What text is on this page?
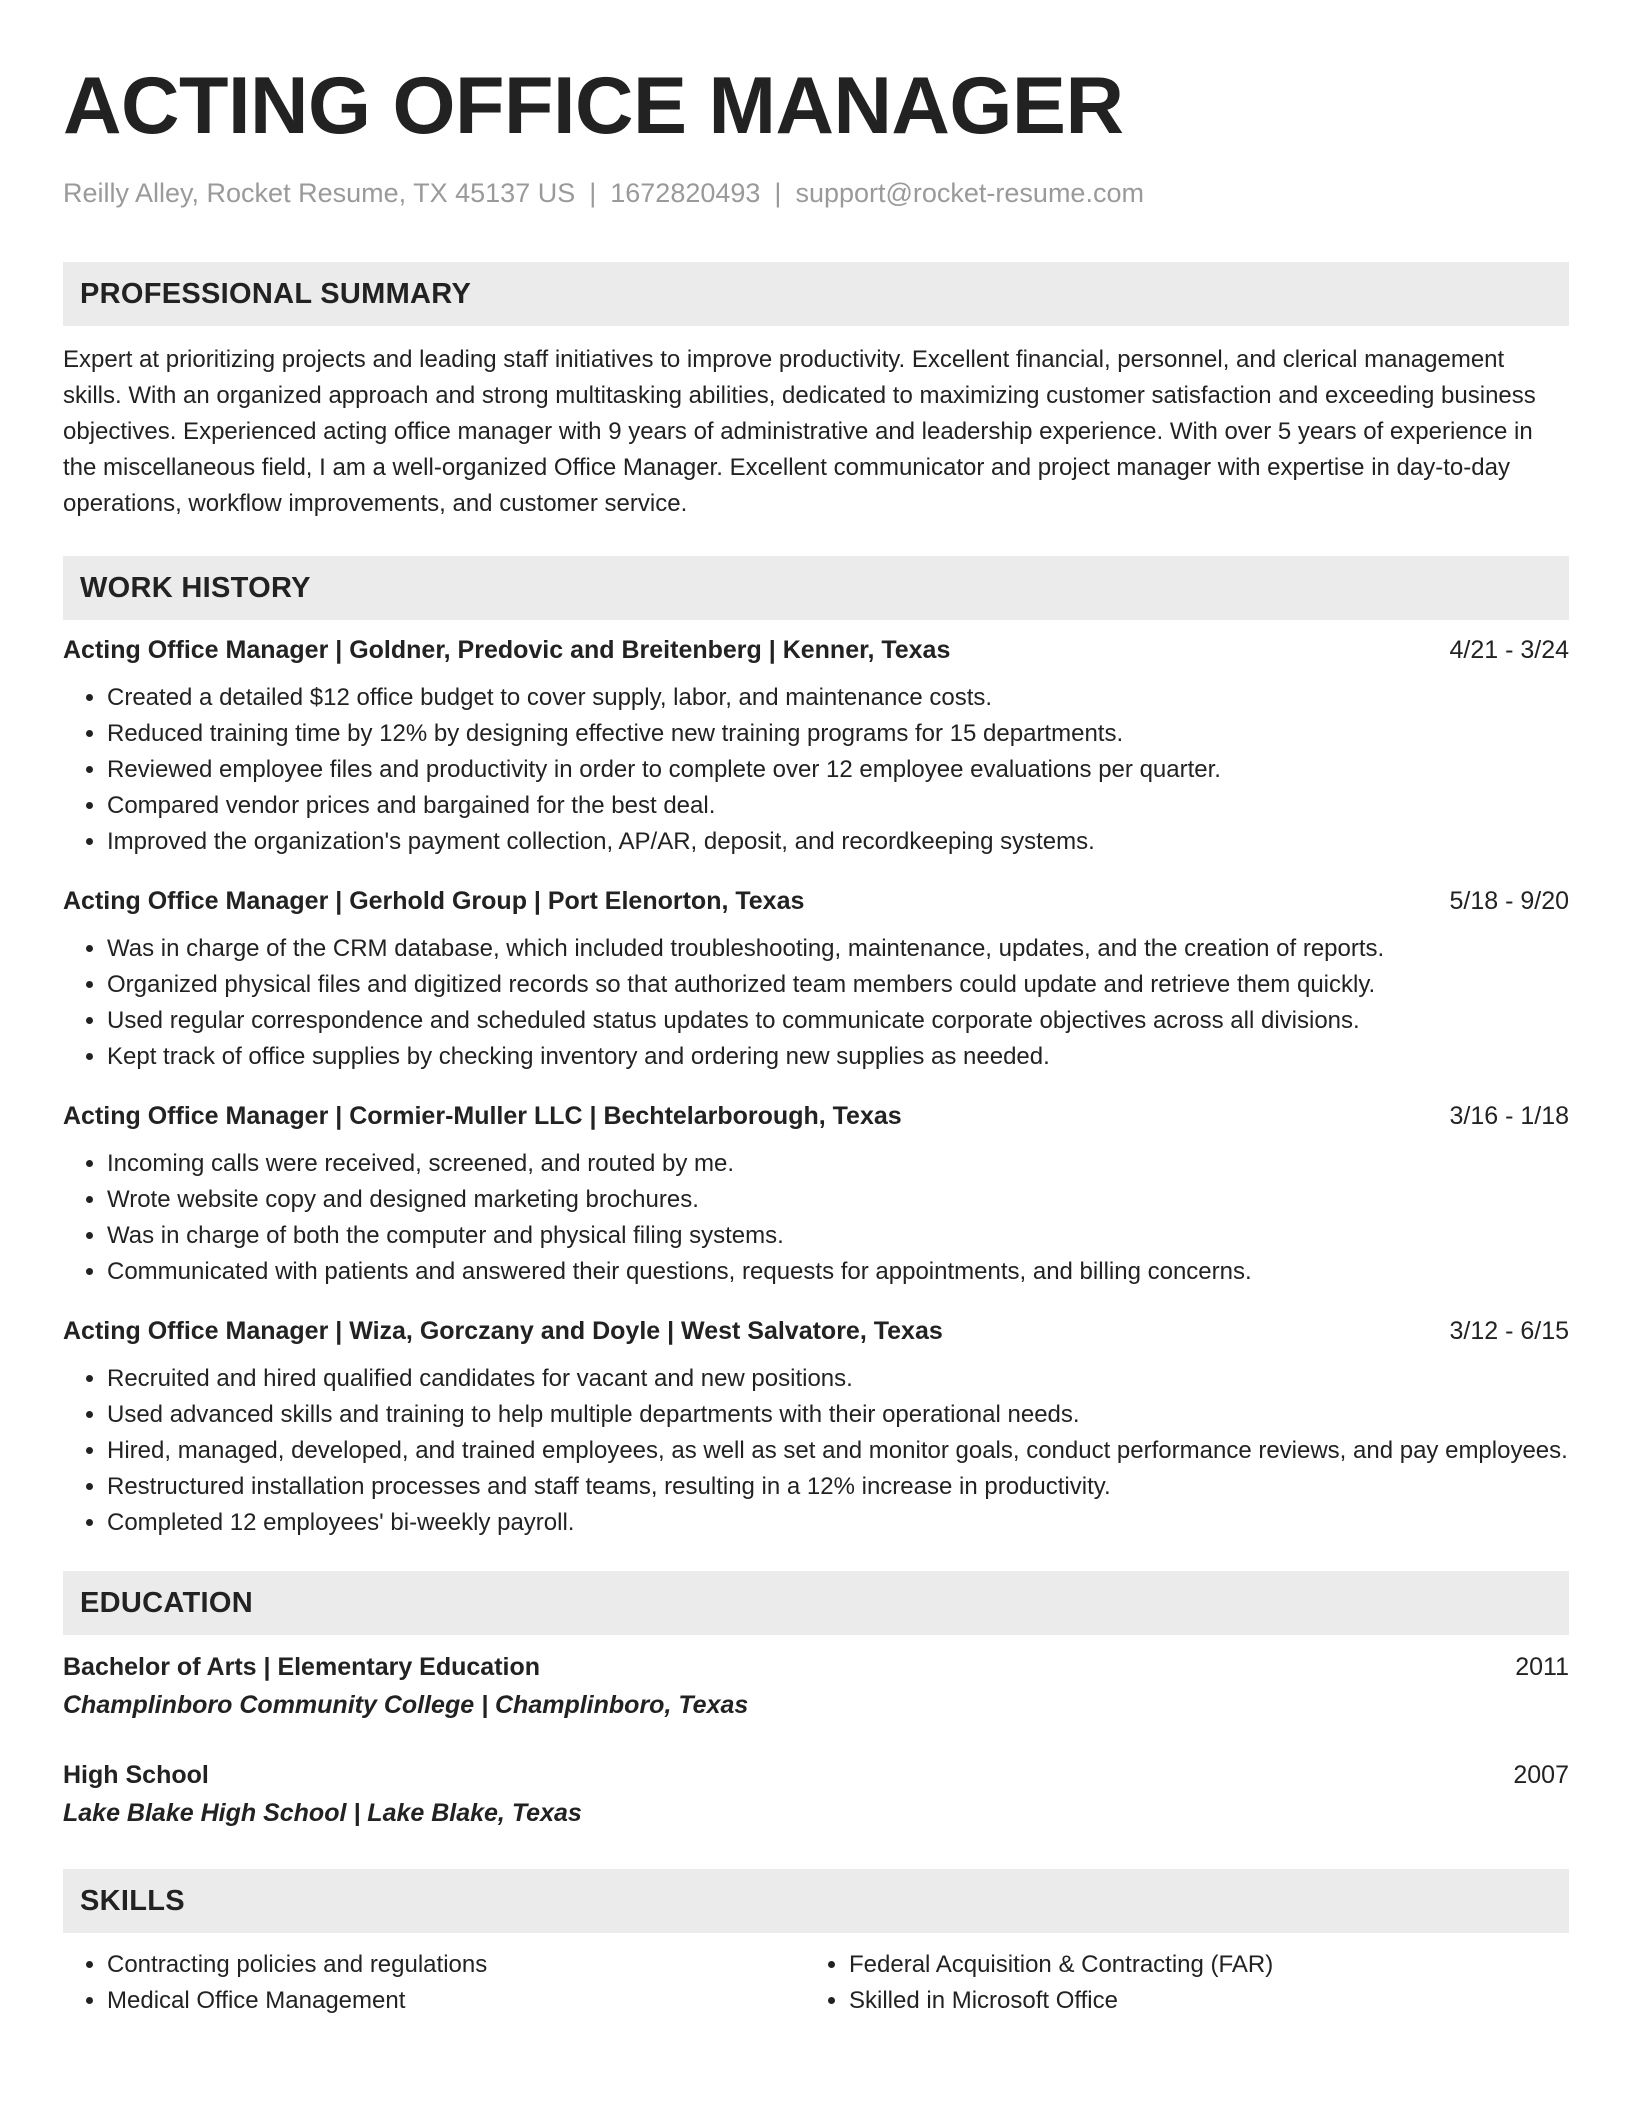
ACTING OFFICE MANAGER
Reilly Alley, Rocket Resume, TX 45137 US | 1672820493 | support@rocket-resume.com
PROFESSIONAL SUMMARY

Expert at prioritizing projects and leading staff initiatives to improve productivity. Excellent financial, personnel, and clerical management skills. With an organized approach and strong multitasking abilities, dedicated to maximizing customer satisfaction and exceeding business objectives. Experienced acting office manager with 9 years of administrative and leadership experience. With over 5 years of experience in the miscellaneous field, I am a well-organized Office Manager. Excellent communicator and project manager with expertise in day-to-day operations, workflow improvements, and customer service.

WORK HISTORY
Acting Office Manager | Goldner, Predovic and Breitenberg | Kenner, Texas	4/21 - 3/24
• Created a detailed $12 office budget to cover supply, labor, and maintenance costs.
• Reduced training time by 12% by designing effective new training programs for 15 departments.
• Reviewed employee files and productivity in order to complete over 12 employee evaluations per quarter.
• Compared vendor prices and bargained for the best deal.
• Improved the organization's payment collection, AP/AR, deposit, and recordkeeping systems.
Acting Office Manager | Gerhold Group | Port Elenorton, Texas	5/18 - 9/20
• Was in charge of the CRM database, which included troubleshooting, maintenance, updates, and the creation of reports.
• Organized physical files and digitized records so that authorized team members could update and retrieve them quickly.
• Used regular correspondence and scheduled status updates to communicate corporate objectives across all divisions.
• Kept track of office supplies by checking inventory and ordering new supplies as needed.
Acting Office Manager | Cormier-Muller LLC | Bechtelarborough, Texas	3/16 - 1/18
• Incoming calls were received, screened, and routed by me.
• Wrote website copy and designed marketing brochures.
• Was in charge of both the computer and physical filing systems.
• Communicated with patients and answered their questions, requests for appointments, and billing concerns.
Acting Office Manager | Wiza, Gorczany and Doyle | West Salvatore, Texas	3/12 - 6/15
• Recruited and hired qualified candidates for vacant and new positions.
• Used advanced skills and training to help multiple departments with their operational needs.
• Hired, managed, developed, and trained employees, as well as set and monitor goals, conduct performance reviews, and pay employees.
• Restructured installation processes and staff teams, resulting in a 12% increase in productivity.
• Completed 12 employees' bi-weekly payroll.
EDUCATION
Bachelor of Arts | Elementary Education	2011
Champlinboro Community College | Champlinboro, Texas
High School	2007
Lake Blake High School | Lake Blake, Texas
SKILLS
• Contracting policies and regulations
• Medical Office Management
• Federal Acquisition & Contracting (FAR)
• Skilled in Microsoft Office
